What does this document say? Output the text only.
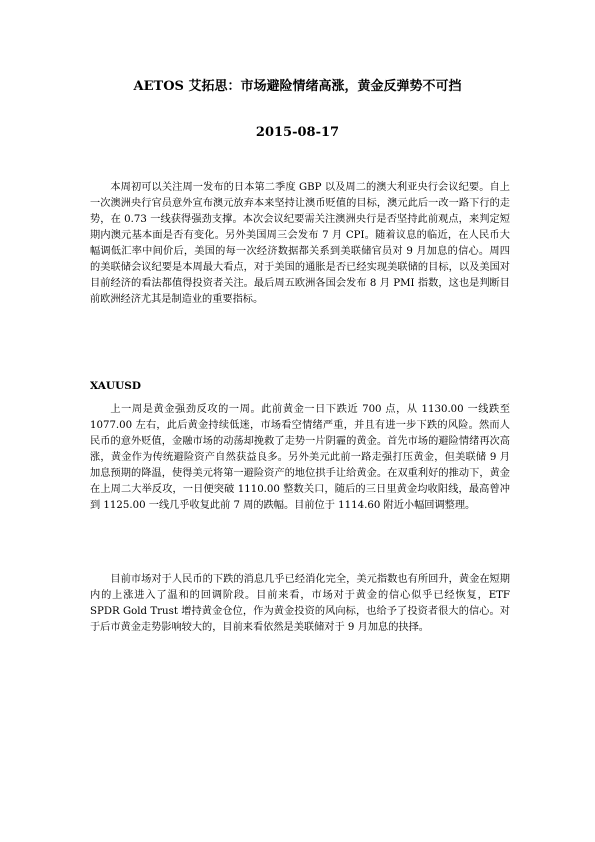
AETOS 艾拓思：市场避险情绪高涨，黄金反弹势不可挡
2015-08-17

本周初可以关注周一发布的日本第二季度 GBP 以及周二的澳大利亚央行会议纪要。自上一次澳洲央行官员意外宣布澳元放弃本来坚持让澳币贬值的目标，澳元此后一改一路下行的走势，在 0.73 一线获得强劲支撑。本次会议纪要需关注澳洲央行是否坚持此前观点，来判定短期内澳元基本面是否有变化。另外美国周三会发布 7 月 CPI。随着议息的临近，在人民币大幅调低汇率中间价后，美国的每一次经济数据都关系到美联储官员对 9 月加息的信心。周四的美联储会议纪要是本周最大看点，对于美国的通胀是否已经实现美联储的目标，以及美国对目前经济的看法都值得投资者关注。最后周五欧洲各国会发布 8 月 PMI 指数，这也是判断目前欧洲经济尤其是制造业的重要指标。

XAUUSD

上一周是黄金强劲反攻的一周。此前黄金一日下跌近 700 点，从 1130.00 一线跌至 1077.00 左右，此后黄金持续低迷，市场看空情绪严重，并且有进一步下跌的风险。然而人民币的意外贬值，金融市场的动荡却挽救了走势一片阴霾的黄金。首先市场的避险情绪再次高涨，黄金作为传统避险资产自然获益良多。另外美元此前一路走强打压黄金，但美联储 9 月加息预期的降温，使得美元将第一避险资产的地位拱手让给黄金。在双重利好的推动下，黄金在上周二大举反攻，一日便突破 1110.00 整数关口，随后的三日里黄金均收阳线，最高曾冲到 1125.00 一线几乎收复此前 7 周的跌幅。目前位于 1114.60 附近小幅回调整理。

目前市场对于人民币的下跌的消息几乎已经消化完全，美元指数也有所回升，黄金在短期内的上涨进入了温和的回调阶段。目前来看，市场对于黄金的信心似乎已经恢复，ETF SPDR Gold Trust 增持黄金仓位，作为黄金投资的风向标，也给予了投资者很大的信心。对于后市黄金走势影响较大的，目前来看依然是美联储对于 9 月加息的抉择。
